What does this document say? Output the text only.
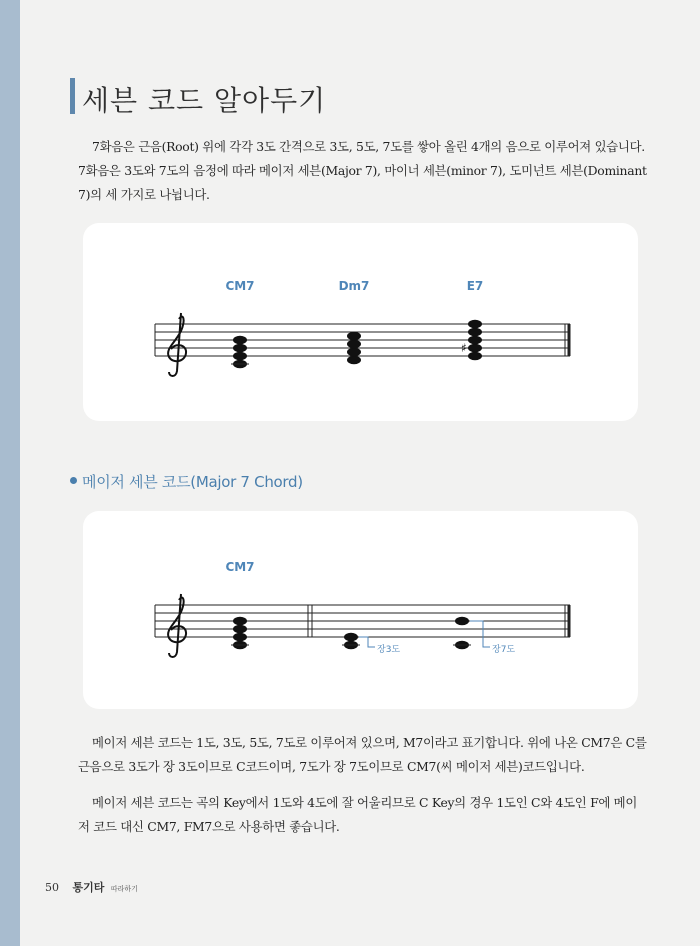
세븐 코드 알아두기

7화음은 근음(Root) 위에 각각 3도 간격으로 3도, 5도, 7도를 쌓아 올린 4개의 음으로 이루어져 있습니다. 7화음은 3도와 7도의 음정에 따라 메이저 세븐(Major 7), 마이너 세븐(minor 7), 도미넌트 세븐(Dominant 7)의 세 가지로 나뉩니다.

CM7	Dm7	E7
♯
메이저 세븐 코드(Major 7 Chord)
CM7
장3도	장7도

메이저 세븐 코드는 1도, 3도, 5도, 7도로 이루어져 있으며, M7이라고 표기합니다. 위에 나온 CM7은 C를 근음으로 3도가 장 3도이므로 C코드이며, 7도가 장 7도이므로 CM7(씨 메이저 세븐)코드입니다.

메이저 세븐 코드는 곡의 Key에서 1도와 4도에 잘 어울리므로 C Key의 경우 1도인 C와 4도인 F에 메이저 코드 대신 CM7, FM7으로 사용하면 좋습니다.

50 통기타 따라하기
